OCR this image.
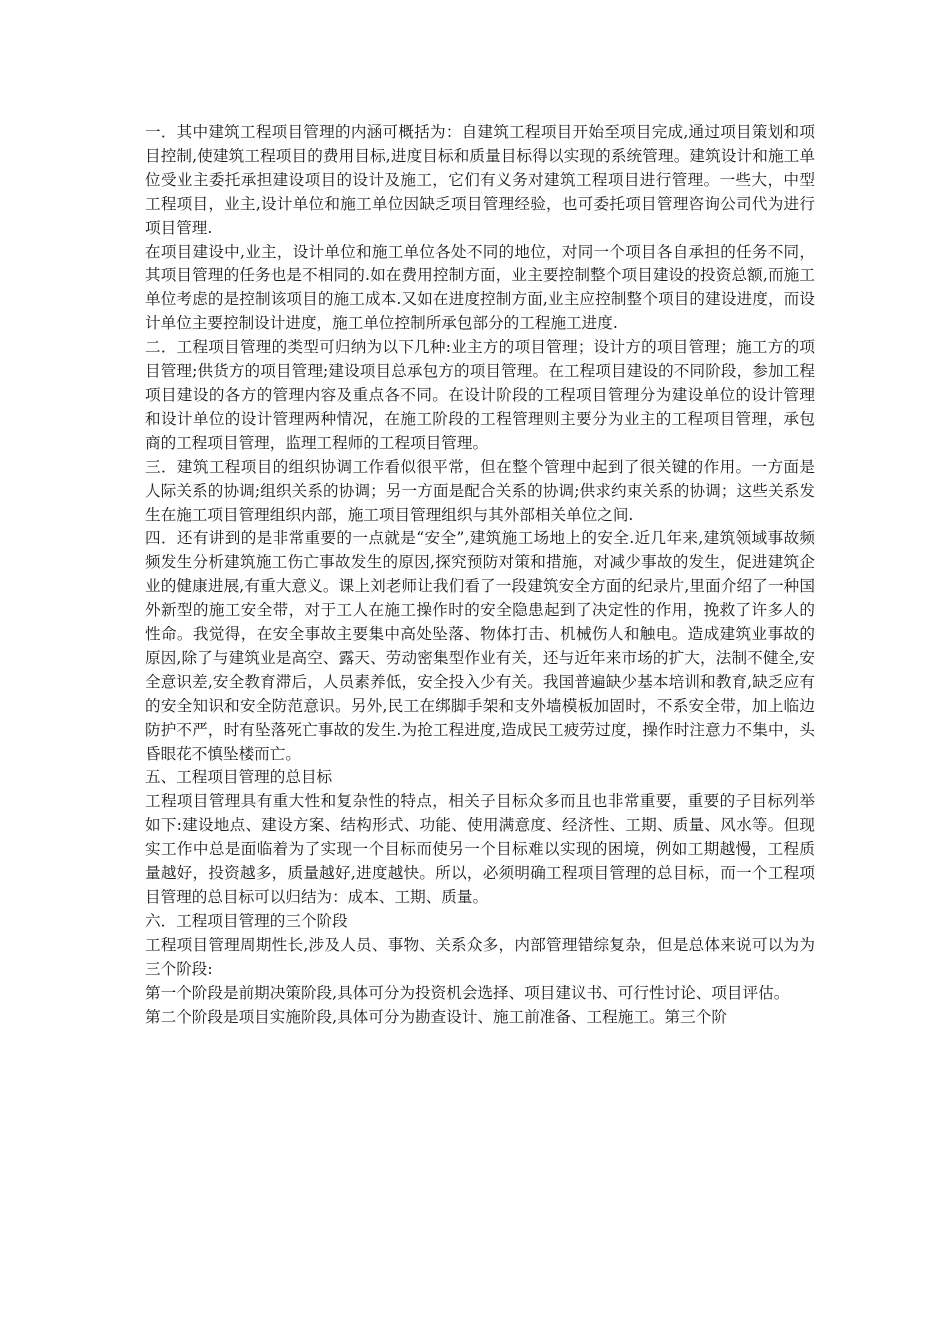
一．其中建筑工程项目管理的内涵可概括为：自建筑工程项目开始至项目完成,通过项目策划和项目控制,使建筑工程项目的费用目标,进度目标和质量目标得以实现的系统管理。建筑设计和施工单位受业主委托承担建设项目的设计及施工，它们有义务对建筑工程项目进行管理。一些大，中型工程项目，业主,设计单位和施工单位因缺乏项目管理经验，也可委托项目管理咨询公司代为进行项目管理.

在项目建设中,业主，设计单位和施工单位各处不同的地位，对同一个项目各自承担的任务不同，其项目管理的任务也是不相同的.如在费用控制方面，业主要控制整个项目建设的投资总额,而施工单位考虑的是控制该项目的施工成本.又如在进度控制方面,业主应控制整个项目的建设进度，而设计单位主要控制设计进度，施工单位控制所承包部分的工程施工进度.

二．工程项目管理的类型可归纳为以下几种:业主方的项目管理；设计方的项目管理；施工方的项目管理;供货方的项目管理;建设项目总承包方的项目管理。在工程项目建设的不同阶段，参加工程项目建设的各方的管理内容及重点各不同。在设计阶段的工程项目管理分为建设单位的设计管理和设计单位的设计管理两种情况，在施工阶段的工程管理则主要分为业主的工程项目管理，承包商的工程项目管理，监理工程师的工程项目管理。

三．建筑工程项目的组织协调工作看似很平常，但在整个管理中起到了很关键的作用。一方面是人际关系的协调;组织关系的协调；另一方面是配合关系的协调;供求约束关系的协调；这些关系发生在施工项目管理组织内部，施工项目管理组织与其外部相关单位之间.

四．还有讲到的是非常重要的一点就是“安全”,建筑施工场地上的安全.近几年来,建筑领域事故频频发生分析建筑施工伤亡事故发生的原因,探究预防对策和措施，对减少事故的发生，促进建筑企业的健康进展,有重大意义。课上刘老师让我们看了一段建筑安全方面的纪录片,里面介绍了一种国外新型的施工安全带，对于工人在施工操作时的安全隐患起到了决定性的作用，挽救了许多人的性命。我觉得，在安全事故主要集中高处坠落、物体打击、机械伤人和触电。造成建筑业事故的原因,除了与建筑业是高空、露天、劳动密集型作业有关，还与近年来市场的扩大，法制不健全,安全意识差,安全教育滞后，人员素养低，安全投入少有关。我国普遍缺少基本培训和教育,缺乏应有的安全知识和安全防范意识。另外,民工在绑脚手架和支外墙模板加固时，不系安全带，加上临边防护不严，时有坠落死亡事故的发生.为抢工程进度,造成民工疲劳过度，操作时注意力不集中，头昏眼花不慎坠楼而亡。

五、工程项目管理的总目标

工程项目管理具有重大性和复杂性的特点，相关子目标众多而且也非常重要，重要的子目标列举如下:建设地点、建设方案、结构形式、功能、使用满意度、经济性、工期、质量、风水等。但现实工作中总是面临着为了实现一个目标而使另一个目标难以实现的困境，例如工期越慢，工程质量越好，投资越多，质量越好,进度越快。所以，必须明确工程项目管理的总目标，而一个工程项目管理的总目标可以归结为：成本、工期、质量。

六．工程项目管理的三个阶段

工程项目管理周期性长,涉及人员、事物、关系众多，内部管理错综复杂，但是总体来说可以为为三个阶段:

第一个阶段是前期决策阶段,具体可分为投资机会选择、项目建议书、可行性讨论、项目评估。

第二个阶段是项目实施阶段,具体可分为勘查设计、施工前准备、工程施工。第三个阶
